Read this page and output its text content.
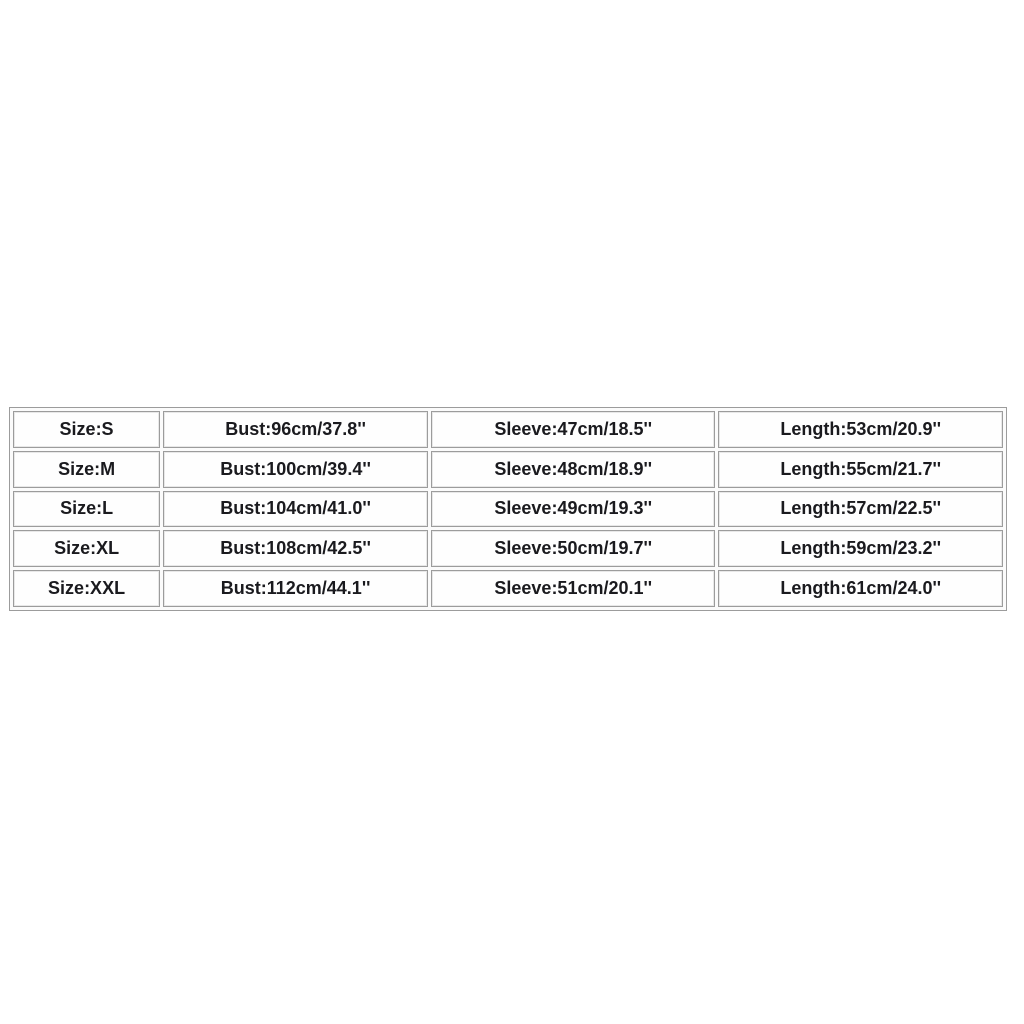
Size:S	Bust:96cm/37.8''	Sleeve:47cm/18.5''	Length:53cm/20.9''
Size:M	Bust:100cm/39.4''	Sleeve:48cm/18.9''	Length:55cm/21.7''
Size:L	Bust:104cm/41.0''	Sleeve:49cm/19.3''	Length:57cm/22.5''
Size:XL	Bust:108cm/42.5''	Sleeve:50cm/19.7''	Length:59cm/23.2''
Size:XXL	Bust:112cm/44.1''	Sleeve:51cm/20.1''	Length:61cm/24.0''
